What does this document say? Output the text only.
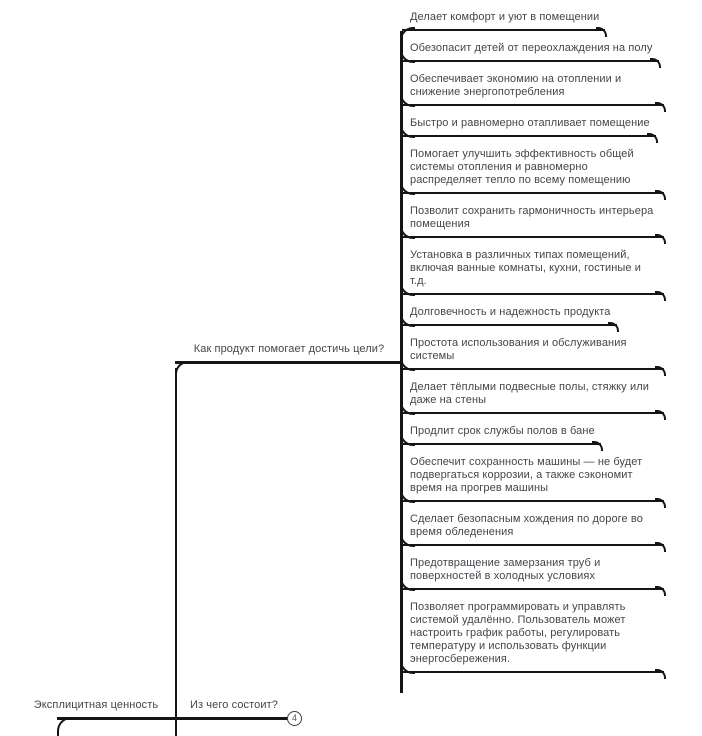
Делает комфорт и уют в помещении
Обезопасит детей от переохлаждения на полу
Обеспечивает экономию на отоплении и снижение энергопотребления
Быстро и равномерно отапливает помещение
Помогает улучшить эффективность общей системы отопления и равномерно распределяет тепло по всему помещению
Позволит сохранить гармоничность интерьера помещения
Установка в различных типах помещений, включая ванные комнаты, кухни, гостиные и т.д.
Долговечность и надежность продукта
Простота использования и обслуживания системы
Делает тёплыми подвесные полы, стяжку или даже на стены
Продлит срок службы полов в бане
Обеспечит сохранность машины — не будет подвергаться коррозии, а также сэкономит время на прогрев машины
Сделает безопасным хождения по дороге во время обледенения
Предотвращение замерзания труб и поверхностей в холодных условиях
Позволяет программировать и управлять системой удалённо. Пользователь может настроить график работы, регулировать температуру и использовать функции энергосбережения.
Как продукт помогает достичь цели?
Эксплицитная ценность	Из чего состоит?
4
